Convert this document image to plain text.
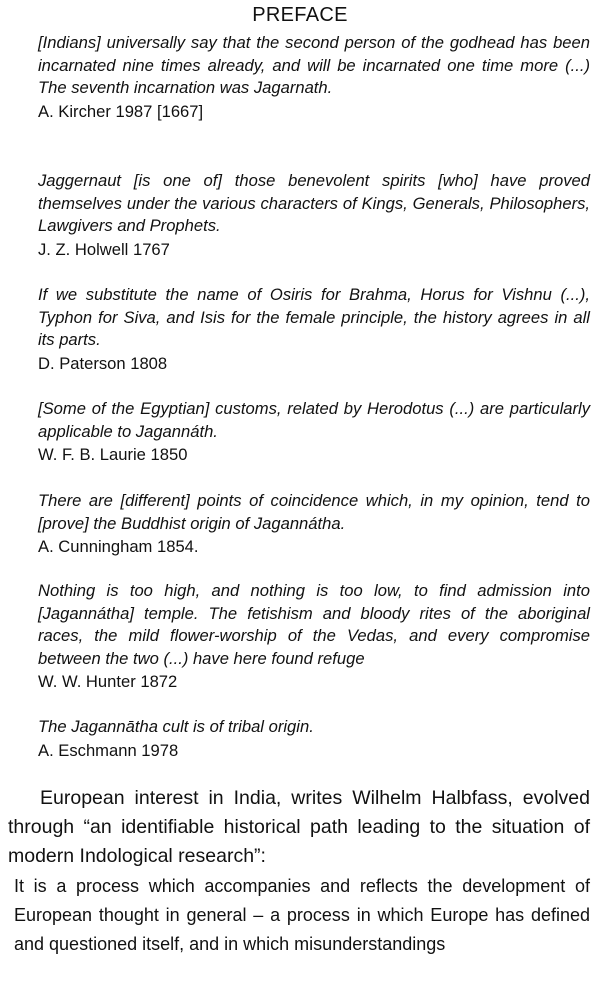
PREFACE

[Indians] universally say that the second person of the godhead has been incarnated nine times already, and will be incarnated one time more (...) The seventh incarnation was Jagarnath.

A. Kircher 1987 [1667]

Jaggernaut [is one of] those benevolent spirits [who] have proved themselves under the various characters of Kings, Generals, Philosophers, Lawgivers and Prophets.

J. Z. Holwell 1767

If we substitute the name of Osiris for Brahma, Horus for Vishnu (...), Typhon for Siva, and Isis for the female principle, the history agrees in all its parts.

D. Paterson 1808

[Some of the Egyptian] customs, related by Herodotus (...) are particularly applicable to Jagannáth.

W. F. B. Laurie 1850

There are [different] points of coincidence which, in my opinion, tend to [prove] the Buddhist origin of Jagannátha.

A. Cunningham 1854.

Nothing is too high, and nothing is too low, to find admission into [Jagannátha] temple. The fetishism and bloody rites of the aboriginal races, the mild flower-worship of the Vedas, and every compromise between the two (...) have here found refuge

W. W. Hunter 1872

The Jagannātha cult is of tribal origin.

A. Eschmann 1978

European interest in India, writes Wilhelm Halbfass, evolved through “an identifiable historical path leading to the situation of modern Indological research”:

It is a process which accompanies and reflects the development of European thought in general – a process in which Europe has defined and questioned itself, and in which misunderstandings
